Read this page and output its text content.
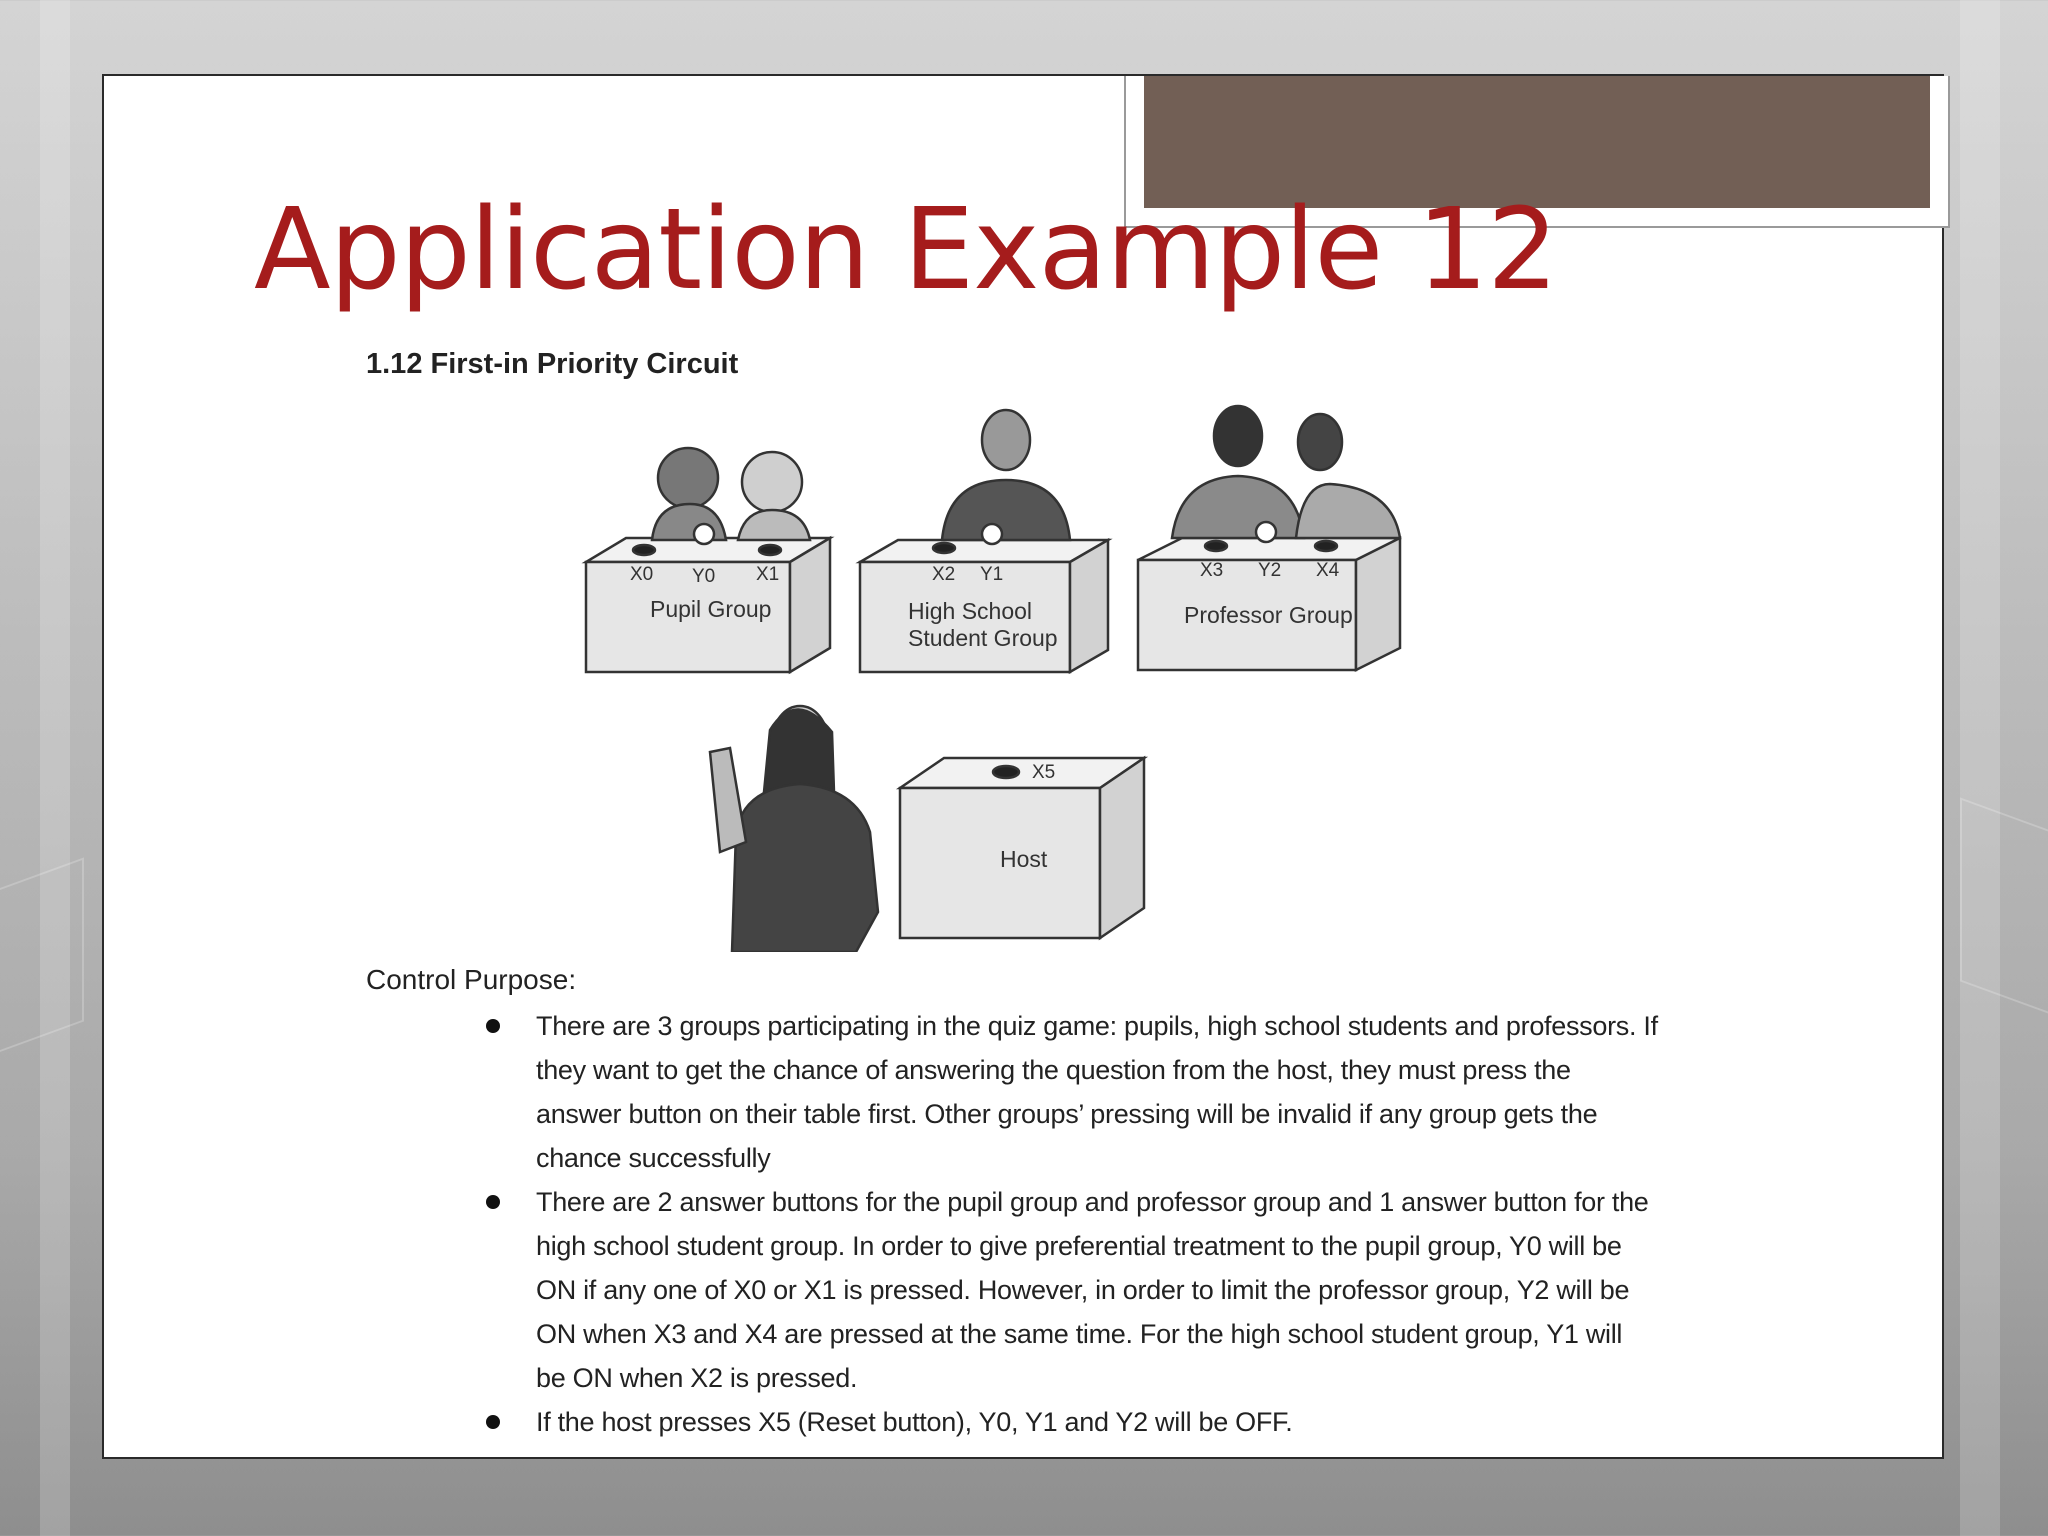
Application Example 12
1.12 First-in Priority Circuit
X0 Y0 X1
Pupil Group
X2 Y1
High School
Student Group
X3 Y2 X4
Professor Group
X5
Host
Control Purpose:
There are 3 groups participating in the quiz game: pupils, high school students and professors. If they want to get the chance of answering the question from the host, they must press the answer button on their table first. Other groups’ pressing will be invalid if any group gets the chance successfully
There are 2 answer buttons for the pupil group and professor group and 1 answer button for the high school student group. In order to give preferential treatment to the pupil group, Y0 will be ON if any one of X0 or X1 is pressed. However, in order to limit the professor group, Y2 will be ON when X3 and X4 are pressed at the same time. For the high school student group, Y1 will be ON when X2 is pressed.
If the host presses X5 (Reset button), Y0, Y1 and Y2 will be OFF.
